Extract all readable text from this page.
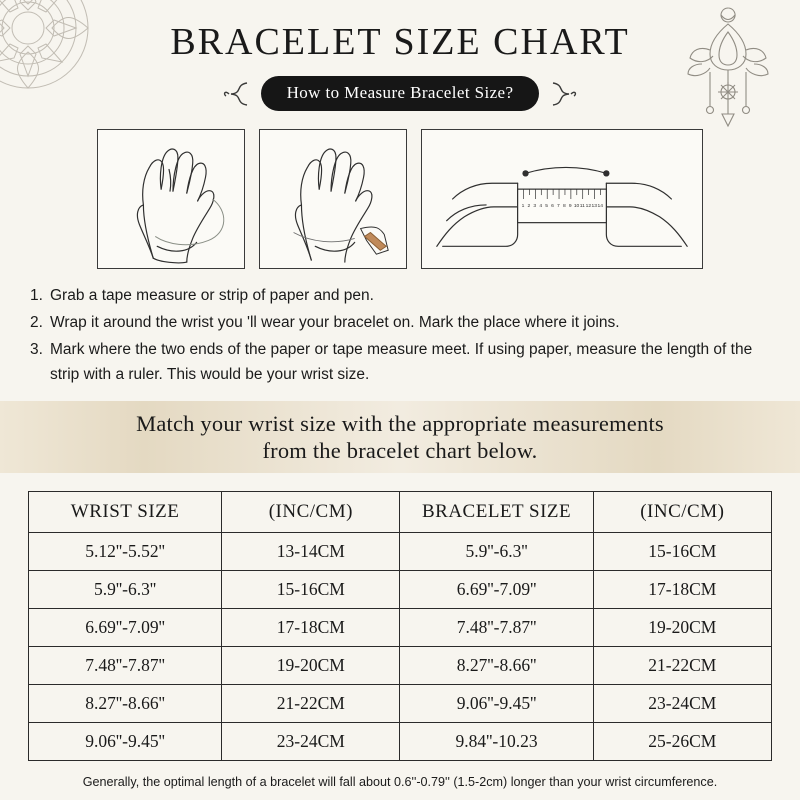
BRACELET SIZE CHART
How to Measure Bracelet Size?
1 2 3 4 5 6 7 8 9 10 11 12 13 14
1. Grab a tape measure or strip of paper and pen.
2. Wrap it around the wrist you 'll wear your bracelet on. Mark the place where it joins.
3. Mark where the two ends of the paper or tape measure meet. If using paper, measure the length of the strip with a ruler. This would be your wrist size.
Match your wrist size with the appropriate measurements
from the bracelet chart below.
WRIST SIZE	(INC/CM)	BRACELET SIZE	(INC/CM)
5.12''-5.52''	13-14CM	5.9''-6.3''	15-16CM
5.9''-6.3''	15-16CM	6.69''-7.09''	17-18CM
6.69''-7.09''	17-18CM	7.48''-7.87''	19-20CM
7.48''-7.87''	19-20CM	8.27''-8.66''	21-22CM
8.27''-8.66''	21-22CM	9.06''-9.45''	23-24CM
9.06''-9.45''	23-24CM	9.84''-10.23	25-26CM
Generally, the optimal length of a bracelet will fall about 0.6''-0.79'' (1.5-2cm) longer than your wrist circumference.
